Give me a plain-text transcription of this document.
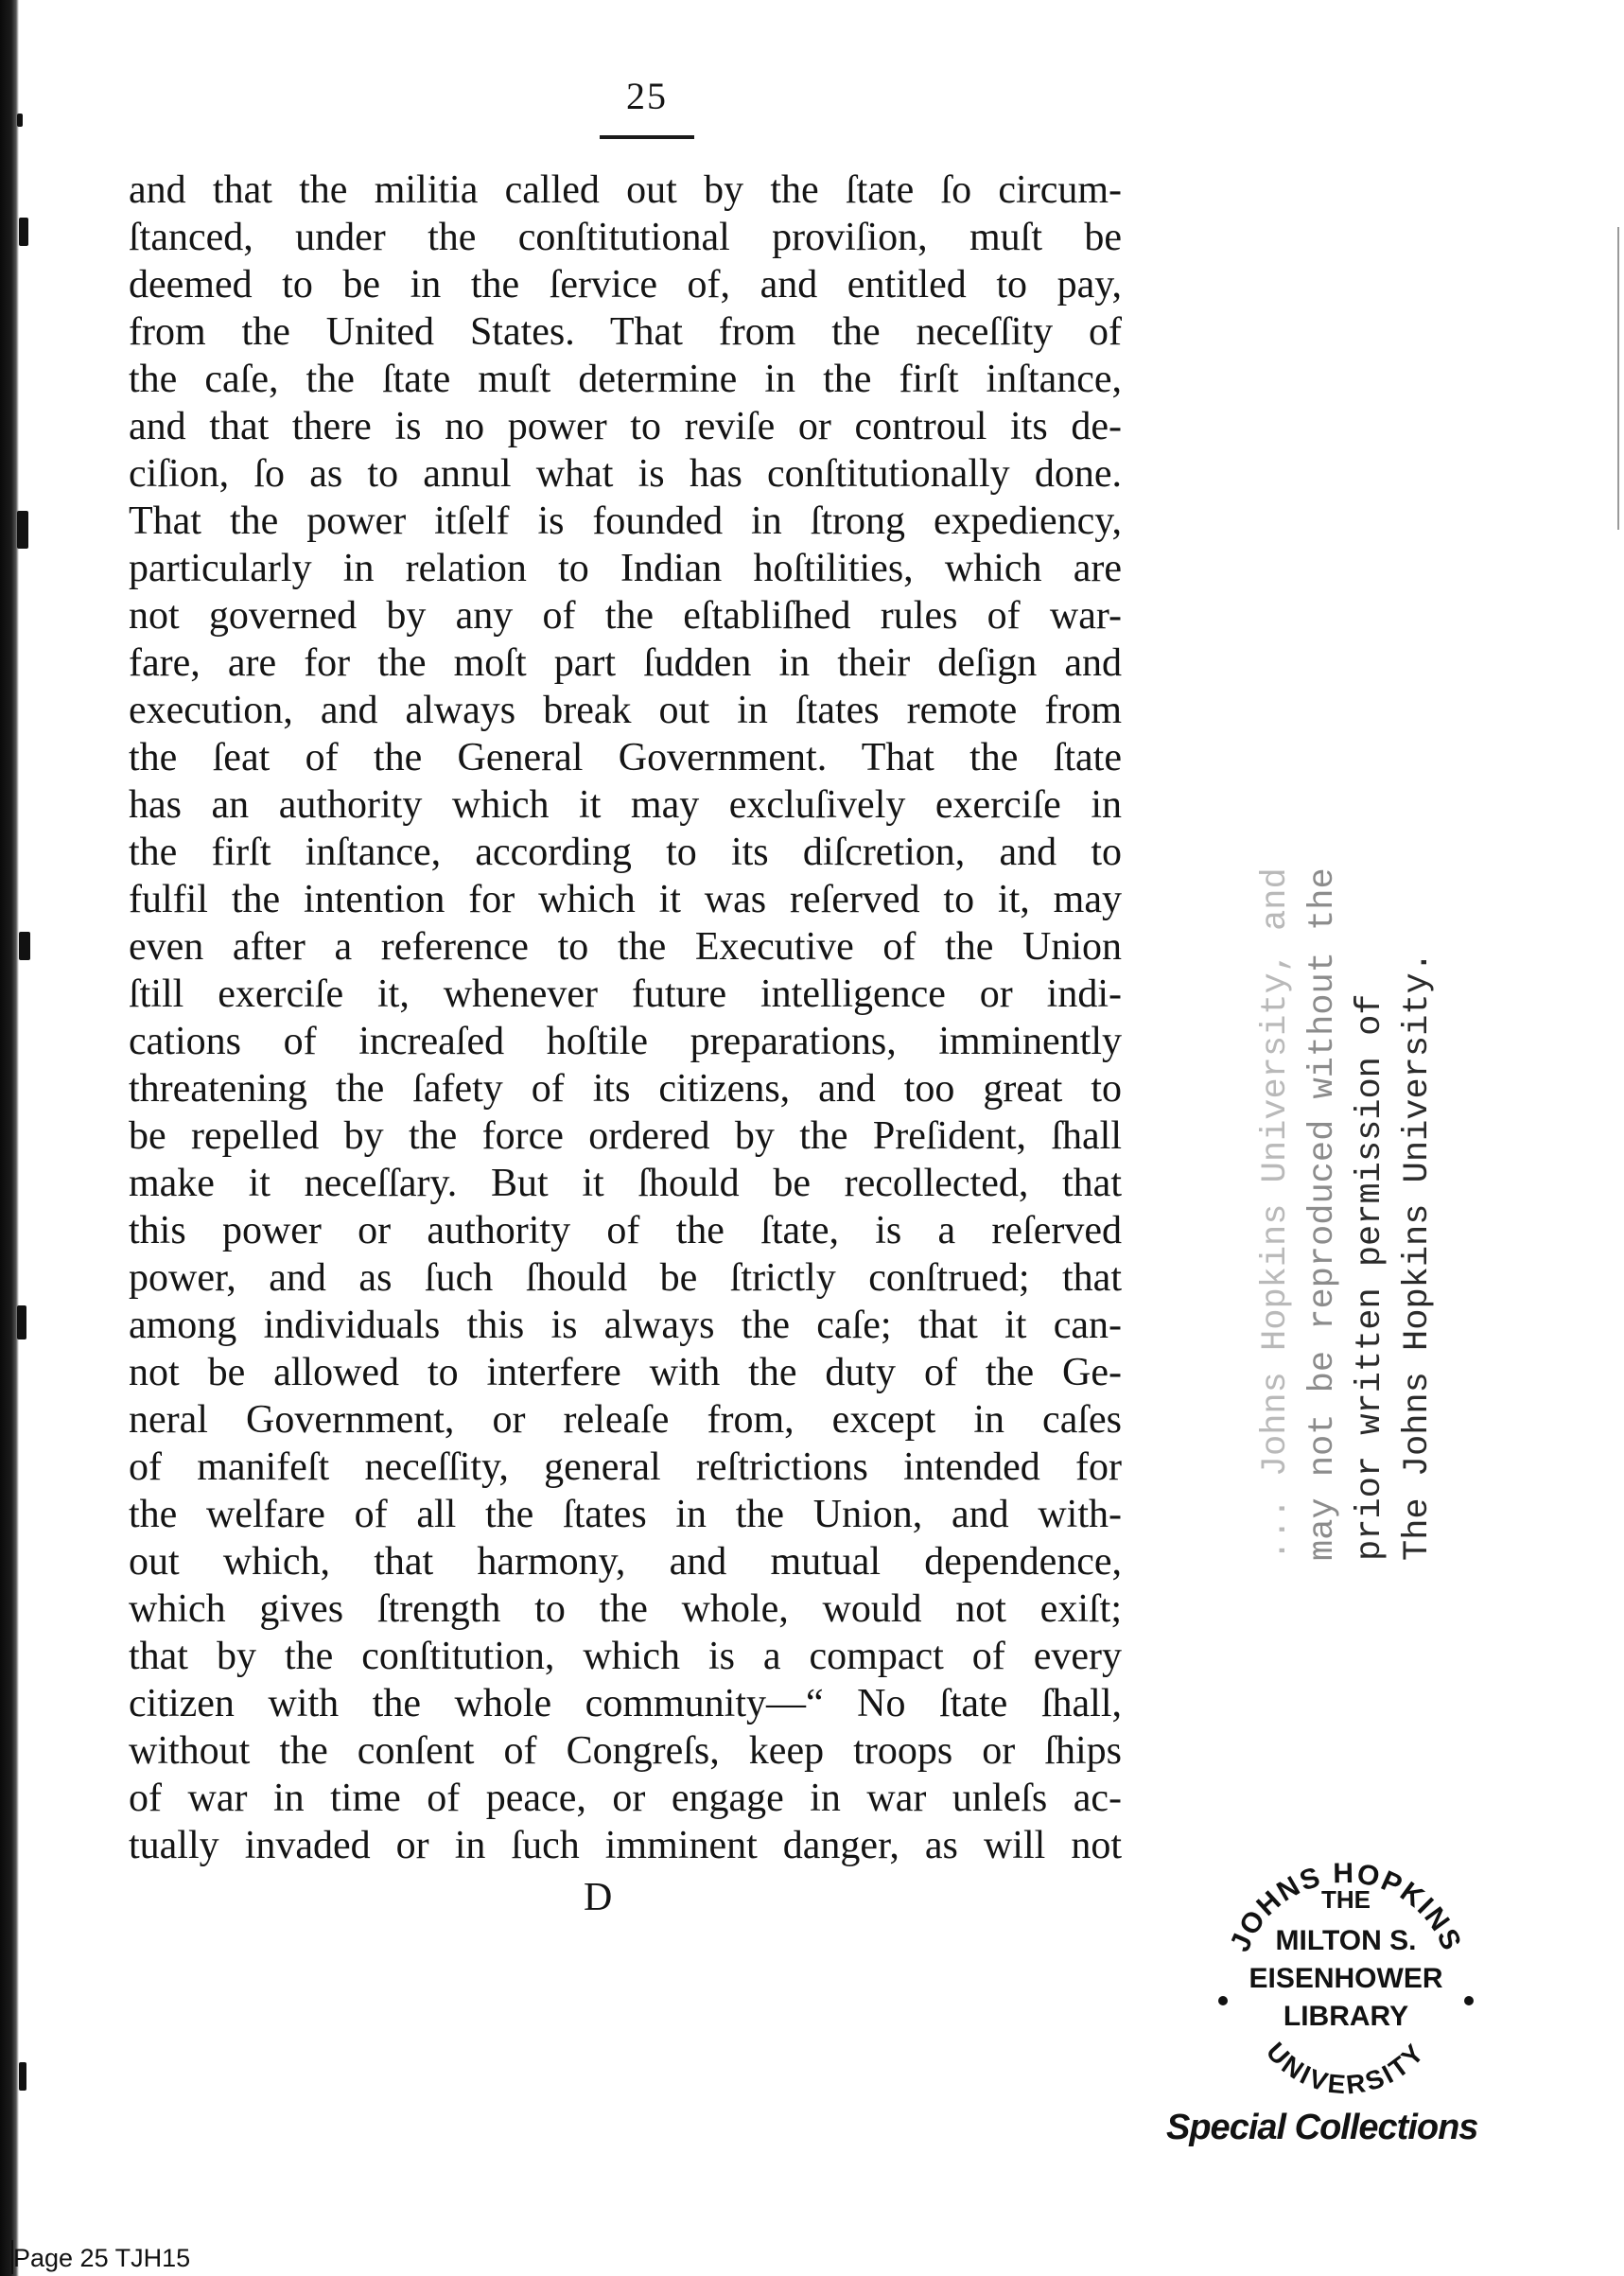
25
and that the militia called out by the ſtate ſo circum-
ſtanced, under the conſtitutional proviſion, muſt be
deemed to be in the ſervice of, and entitled to pay,
from the United States. That from the neceſſity of
the caſe, the ſtate muſt determine in the firſt inſtance,
and that there is no power to reviſe or controul its de-
ciſion, ſo as to annul what is has conſtitutionally done.
That the power itſelf is founded in ſtrong expediency,
particularly in relation to Indian hoſtilities, which are
not governed by any of the eſtabliſhed rules of war-
fare, are for the moſt part ſudden in their deſign and
execution, and always break out in ſtates remote from
the ſeat of the General Government. That the ſtate
has an authority which it may excluſively exerciſe in
the firſt inſtance, according to its diſcretion, and to
fulfil the intention for which it was reſerved to it, may
even after a reference to the Executive of the Union
ſtill exerciſe it, whenever future intelligence or indi-
cations of increaſed hoſtile preparations, imminently
threatening the ſafety of its citizens, and too great to
be repelled by the force ordered by the Preſident, ſhall
make it neceſſary. But it ſhould be recollected, that
this power or authority of the ſtate, is a reſerved
power, and as ſuch ſhould be ſtrictly conſtrued; that
among individuals this is always the caſe; that it can-
not be allowed to interfere with the duty of the Ge-
neral Government, or releaſe from, except in caſes
of manifeſt neceſſity, general reſtrictions intended for
the welfare of all the ſtates in the Union, and with-
out which, that harmony, and mutual dependence,
which gives ſtrength to the whole, would not exiſt;
that by the conſtitution, which is a compact of every
citizen with the whole community—“ No ſtate ſhall,
without the conſent of Congreſs, keep troops or ſhips
of war in time of peace, or engage in war unleſs ac-
tually invaded or in ſuch imminent danger, as will not
D
... Johns Hopkins University, and may not be reproduced without the prior written permission of The Johns Hopkins University.
JOHNS HOPKINS
UNIVERSITY
THE
MILTON S.
EISENHOWER
LIBRARY
Special Collections
Page 25 TJH15
